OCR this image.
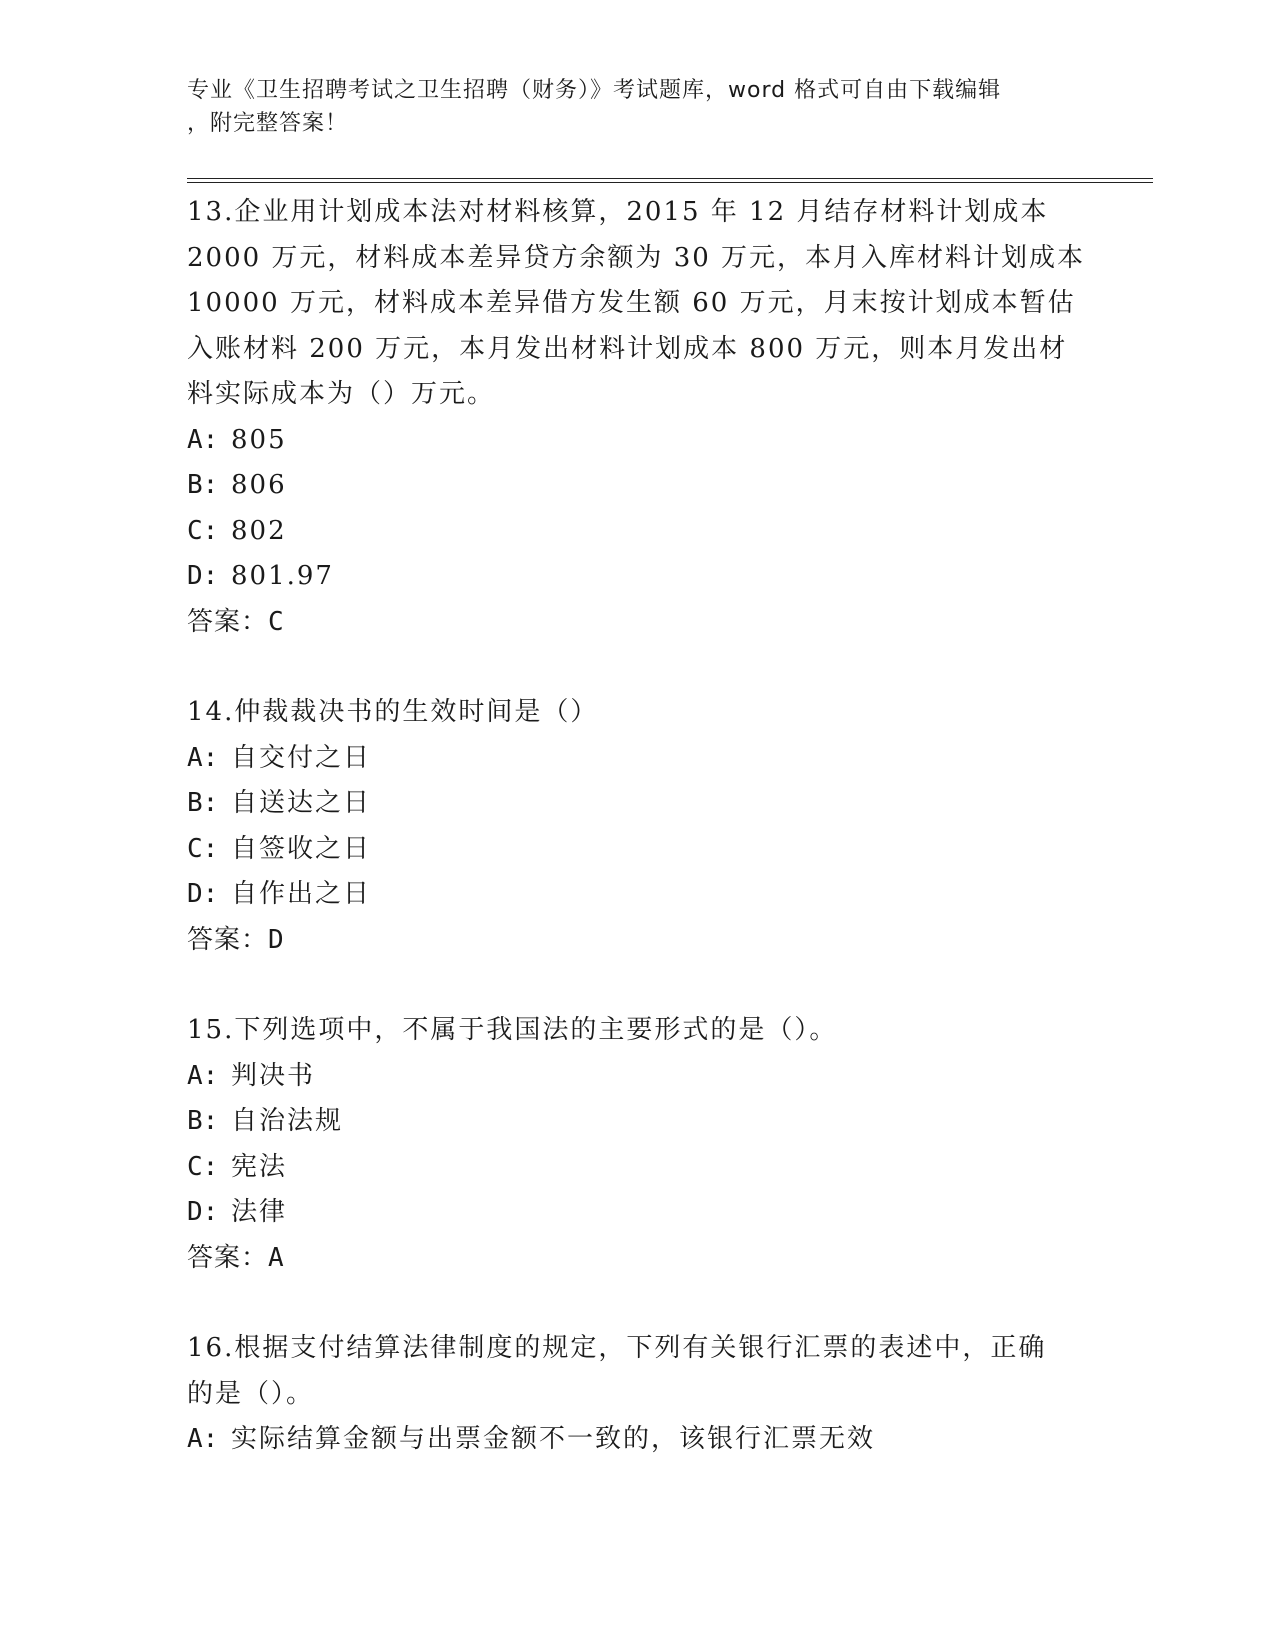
专业《卫生招聘考试之卫生招聘（财务）》考试题库，word 格式可自由下载编辑
，附完整答案！
13.企业用计划成本法对材料核算，2015 年 12 月结存材料计划成本
2000 万元，材料成本差异贷方余额为 30 万元，本月入库材料计划成本
10000 万元，材料成本差异借方发生额 60 万元，月末按计划成本暂估
入账材料 200 万元，本月发出材料计划成本 800 万元，则本月发出材
料实际成本为（）万元。
A: 805
B: 806
C: 802
D: 801.97
答案：C
14.仲裁裁决书的生效时间是（）
A: 自交付之日
B: 自送达之日
C: 自签收之日
D: 自作出之日
答案：D
15.下列选项中，不属于我国法的主要形式的是（）。
A: 判决书
B: 自治法规
C: 宪法
D: 法律
答案：A
16.根据支付结算法律制度的规定，下列有关银行汇票的表述中，正确
的是（）。
A: 实际结算金额与出票金额不一致的，该银行汇票无效
